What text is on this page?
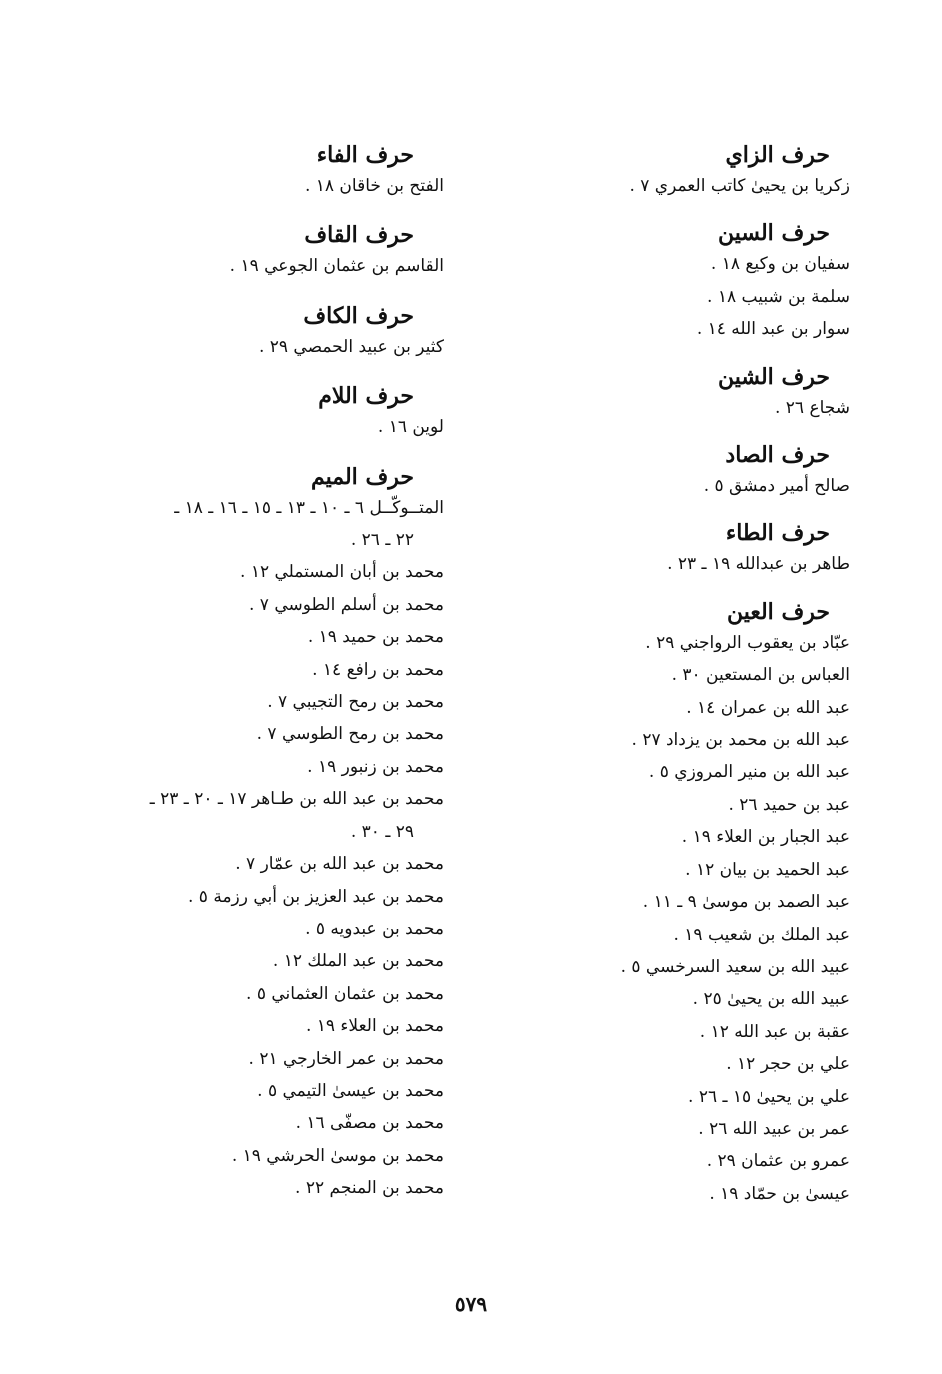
حرف الزاي
زكريا بن يحيىٰ كاتب العمري ٧ .
حرف السين
سفيان بن وكيع ١٨ .
سلمة بن شبيب ١٨ .
سوار بن عبد الله ١٤ .
حرف الشين
شجاع ٢٦ .
حرف الصاد
صالح أمير دمشق ٥ .
حرف الطاء
طاهر بن عبدالله ١٩ ـ ٢٣ .
حرف العين
عبّاد بن يعقوب الرواجني ٢٩ .
العباس بن المستعين ٣٠ .
عبد الله بن عمران ١٤ .
عبد الله بن محمد بن يزداد ٢٧ .
عبد الله بن منير المروزي ٥ .
عبد بن حميد ٢٦ .
عبد الجبار بن العلاء ١٩ .
عبد الحميد بن بيان ١٢ .
عبد الصمد بن موسىٰ ٩ ـ ١١ .
عبد الملك بن شعيب ١٩ .
عبيد الله بن سعيد السرخسي ٥ .
عبيد الله بن يحيىٰ ٢٥ .
عقبة بن عبد الله ١٢ .
علي بن حجر ١٢ .
علي بن يحيىٰ ١٥ ـ ٢٦ .
عمر بن عبيد الله ٢٦ .
عمرو بن عثمان ٢٩ .
عيسىٰ بن حمّاد ١٩ .
حرف الفاء
الفتح بن خاقان ١٨ .
حرف القاف
القاسم بن عثمان الجوعي ١٩ .
حرف الكاف
كثير بن عبيد الحمصي ٢٩ .
حرف اللام
لوين ١٦ .
حرف الميم
المتــوكّــل ٦ ـ ١٠ ـ ١٣ ـ ١٥ ـ ١٦ ـ ١٨ ـ
٢٢ ـ ٢٦ .
محمد بن أبان المستملي ١٢ .
محمد بن أسلم الطوسي ٧ .
محمد بن حميد ١٩ .
محمد بن رافع ١٤ .
محمد بن رمح التجيبي ٧ .
محمد بن رمح الطوسي ٧ .
محمد بن زنبور ١٩ .
محمد بن عبد الله بن طـاهر ١٧ ـ ٢٠ ـ ٢٣ ـ
٢٩ ـ ٣٠ .
محمد بن عبد الله بن عمّار ٧ .
محمد بن عبد العزيز بن أبي رزمة ٥ .
محمد بن عبدويه ٥ .
محمد بن عبد الملك ١٢ .
محمد بن عثمان العثماني ٥ .
محمد بن العلاء ١٩ .
محمد بن عمر الخارجي ٢١ .
محمد بن عيسىٰ التيمي ٥ .
محمد بن مصفّى ١٦ .
محمد بن موسىٰ الحرشي ١٩ .
محمد بن المنجم ٢٢ .
٥٧٩
